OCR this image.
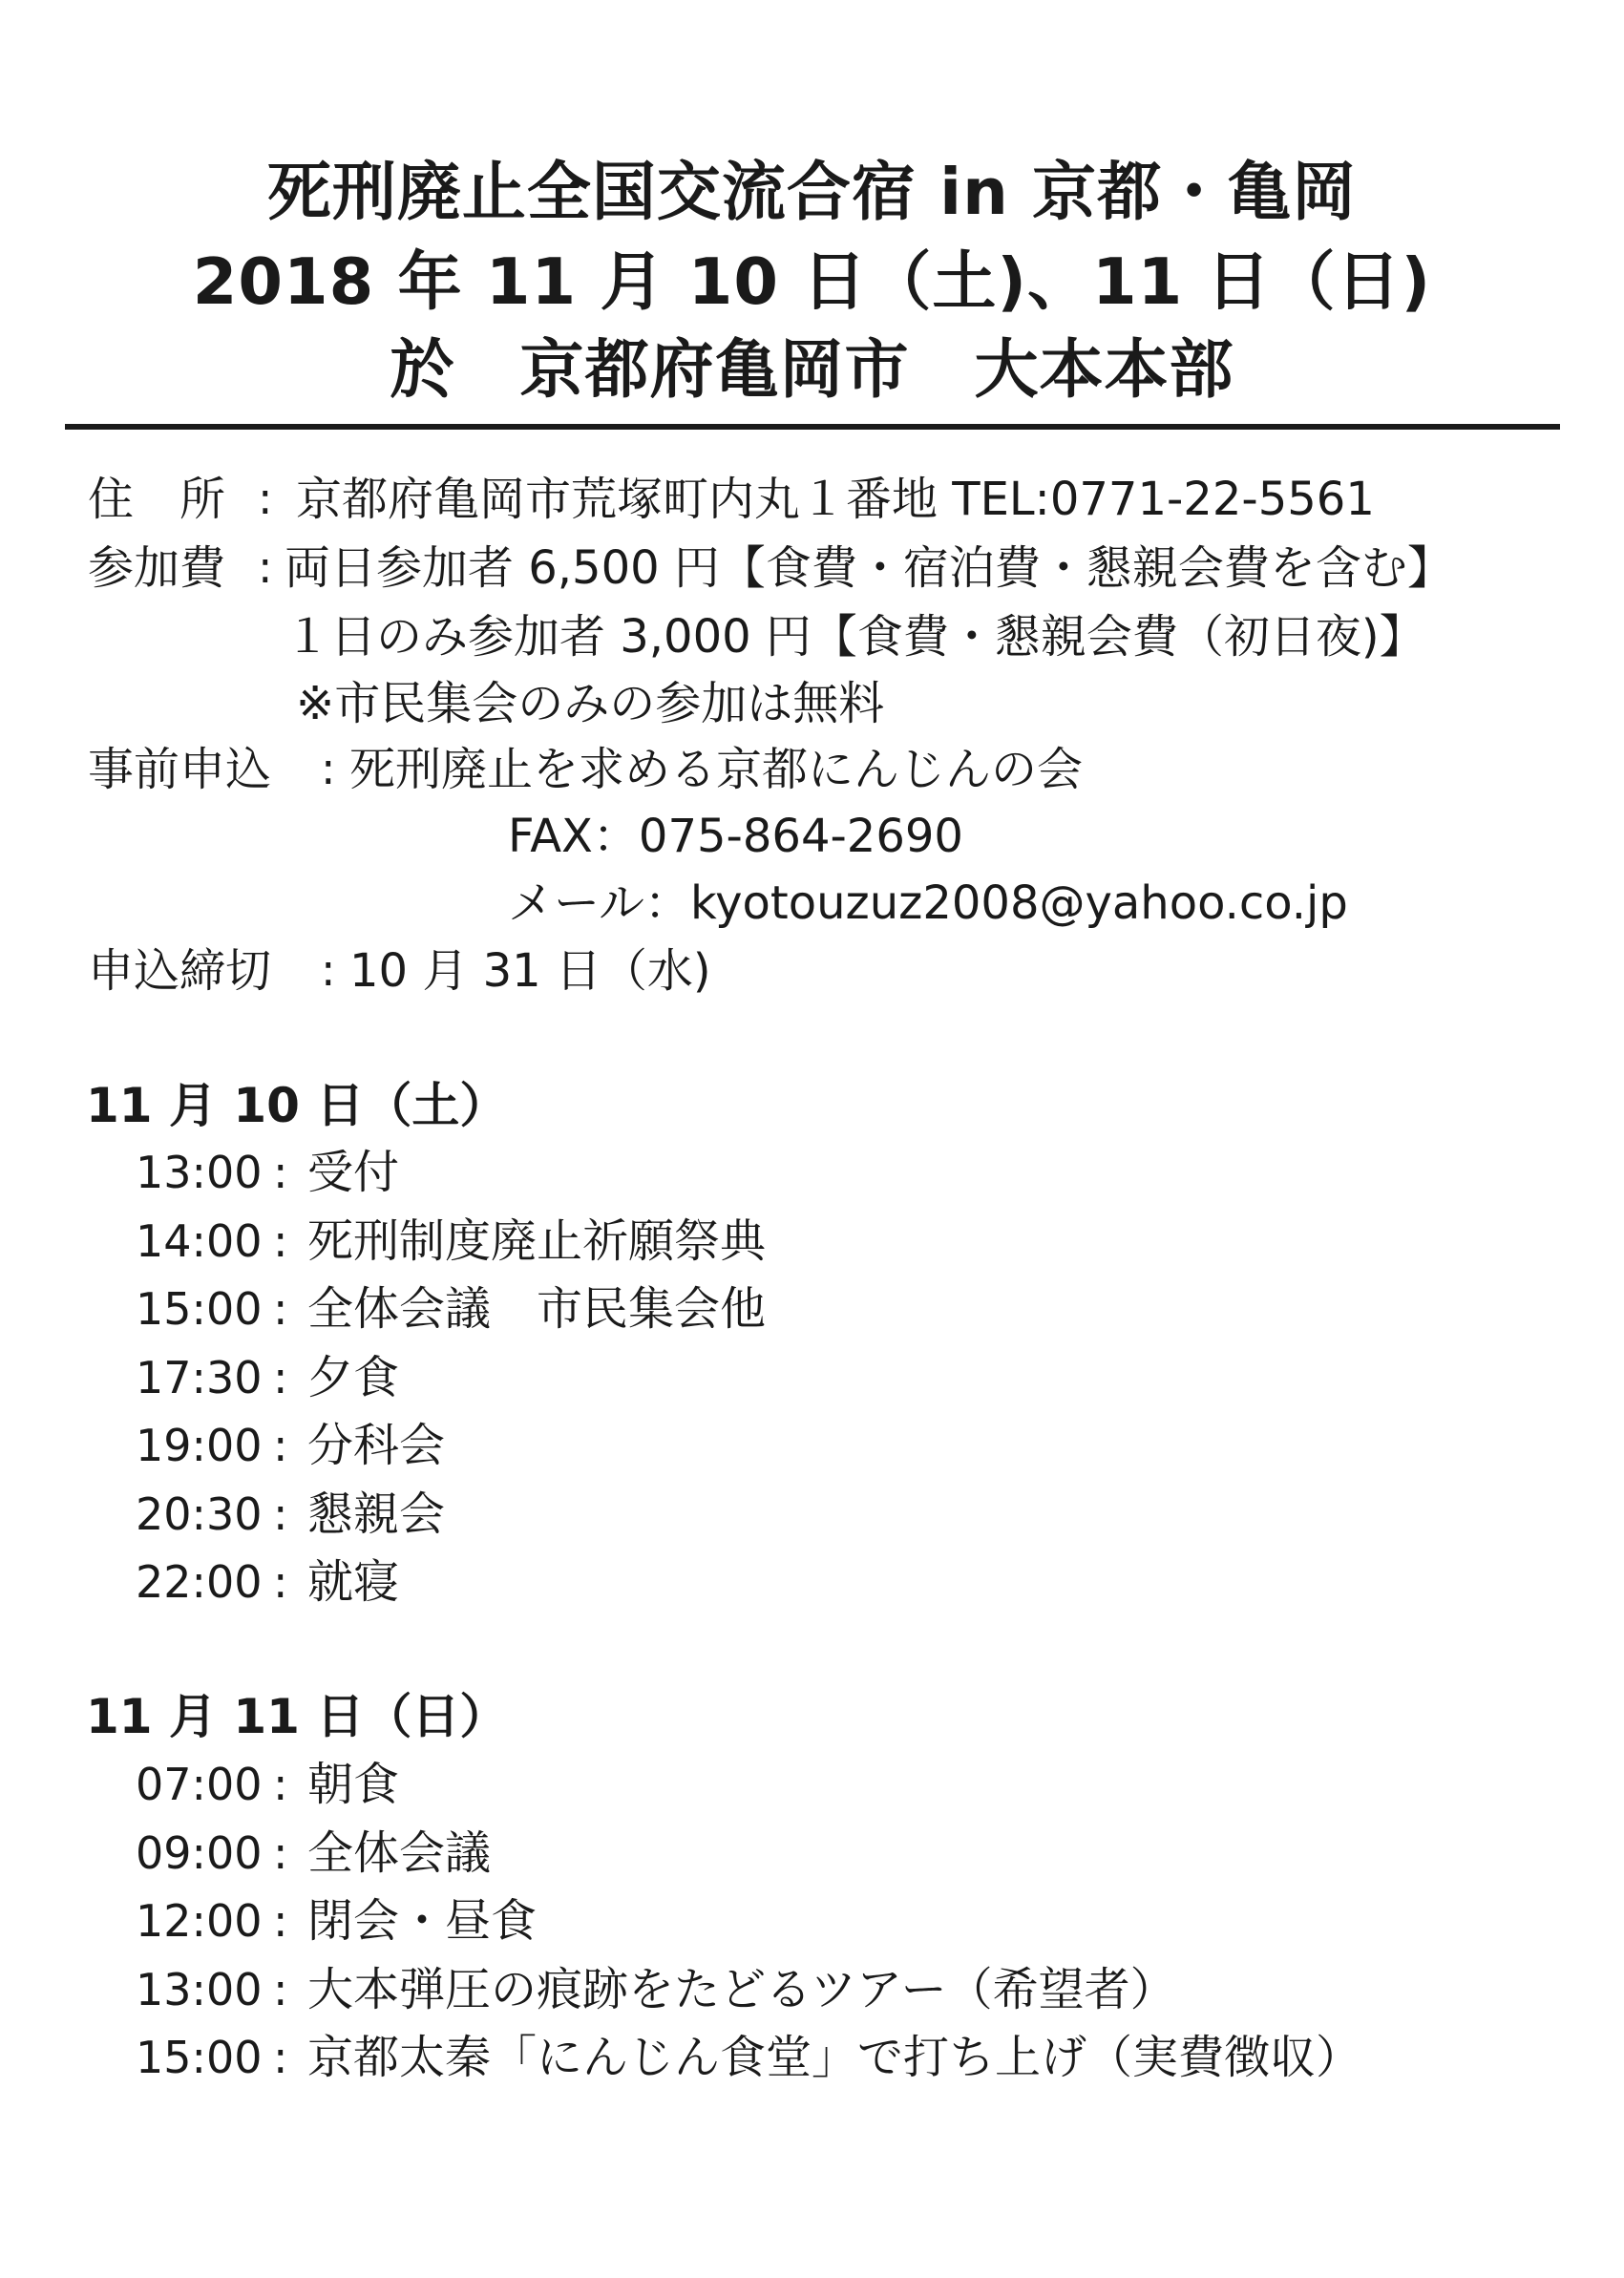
死刑廃止全国交流合宿 in 京都・亀岡
2018 年 11 月 10 日（土)、11 日（日)
於　京都府亀岡市　大本本部
住　所 : 京都府亀岡市荒塚町内丸１番地 TEL:0771-22-5561
参加費 : 両日参加者 6,500 円【食費・宿泊費・懇親会費を含む】
１日のみ参加者 3,000 円【食費・懇親会費（初日夜)】
※市民集会のみの参加は無料
事前申込 : 死刑廃止を求める京都にんじんの会
FAX：075-864-2690
メール：kyotouzuz2008@yahoo.co.jp
申込締切 : 10 月 31 日（水)
11 月 10 日（土）
13:00 : 受付
14:00 : 死刑制度廃止祈願祭典
15:00 : 全体会議　市民集会他
17:30 : 夕食
19:00 : 分科会
20:30 : 懇親会
22:00 : 就寝
11 月 11 日（日）
07:00 : 朝食
09:00 : 全体会議
12:00 : 閉会・昼食
13:00 : 大本弾圧の痕跡をたどるツアー（希望者）
15:00 : 京都太秦「にんじん食堂」で打ち上げ（実費徴収）
